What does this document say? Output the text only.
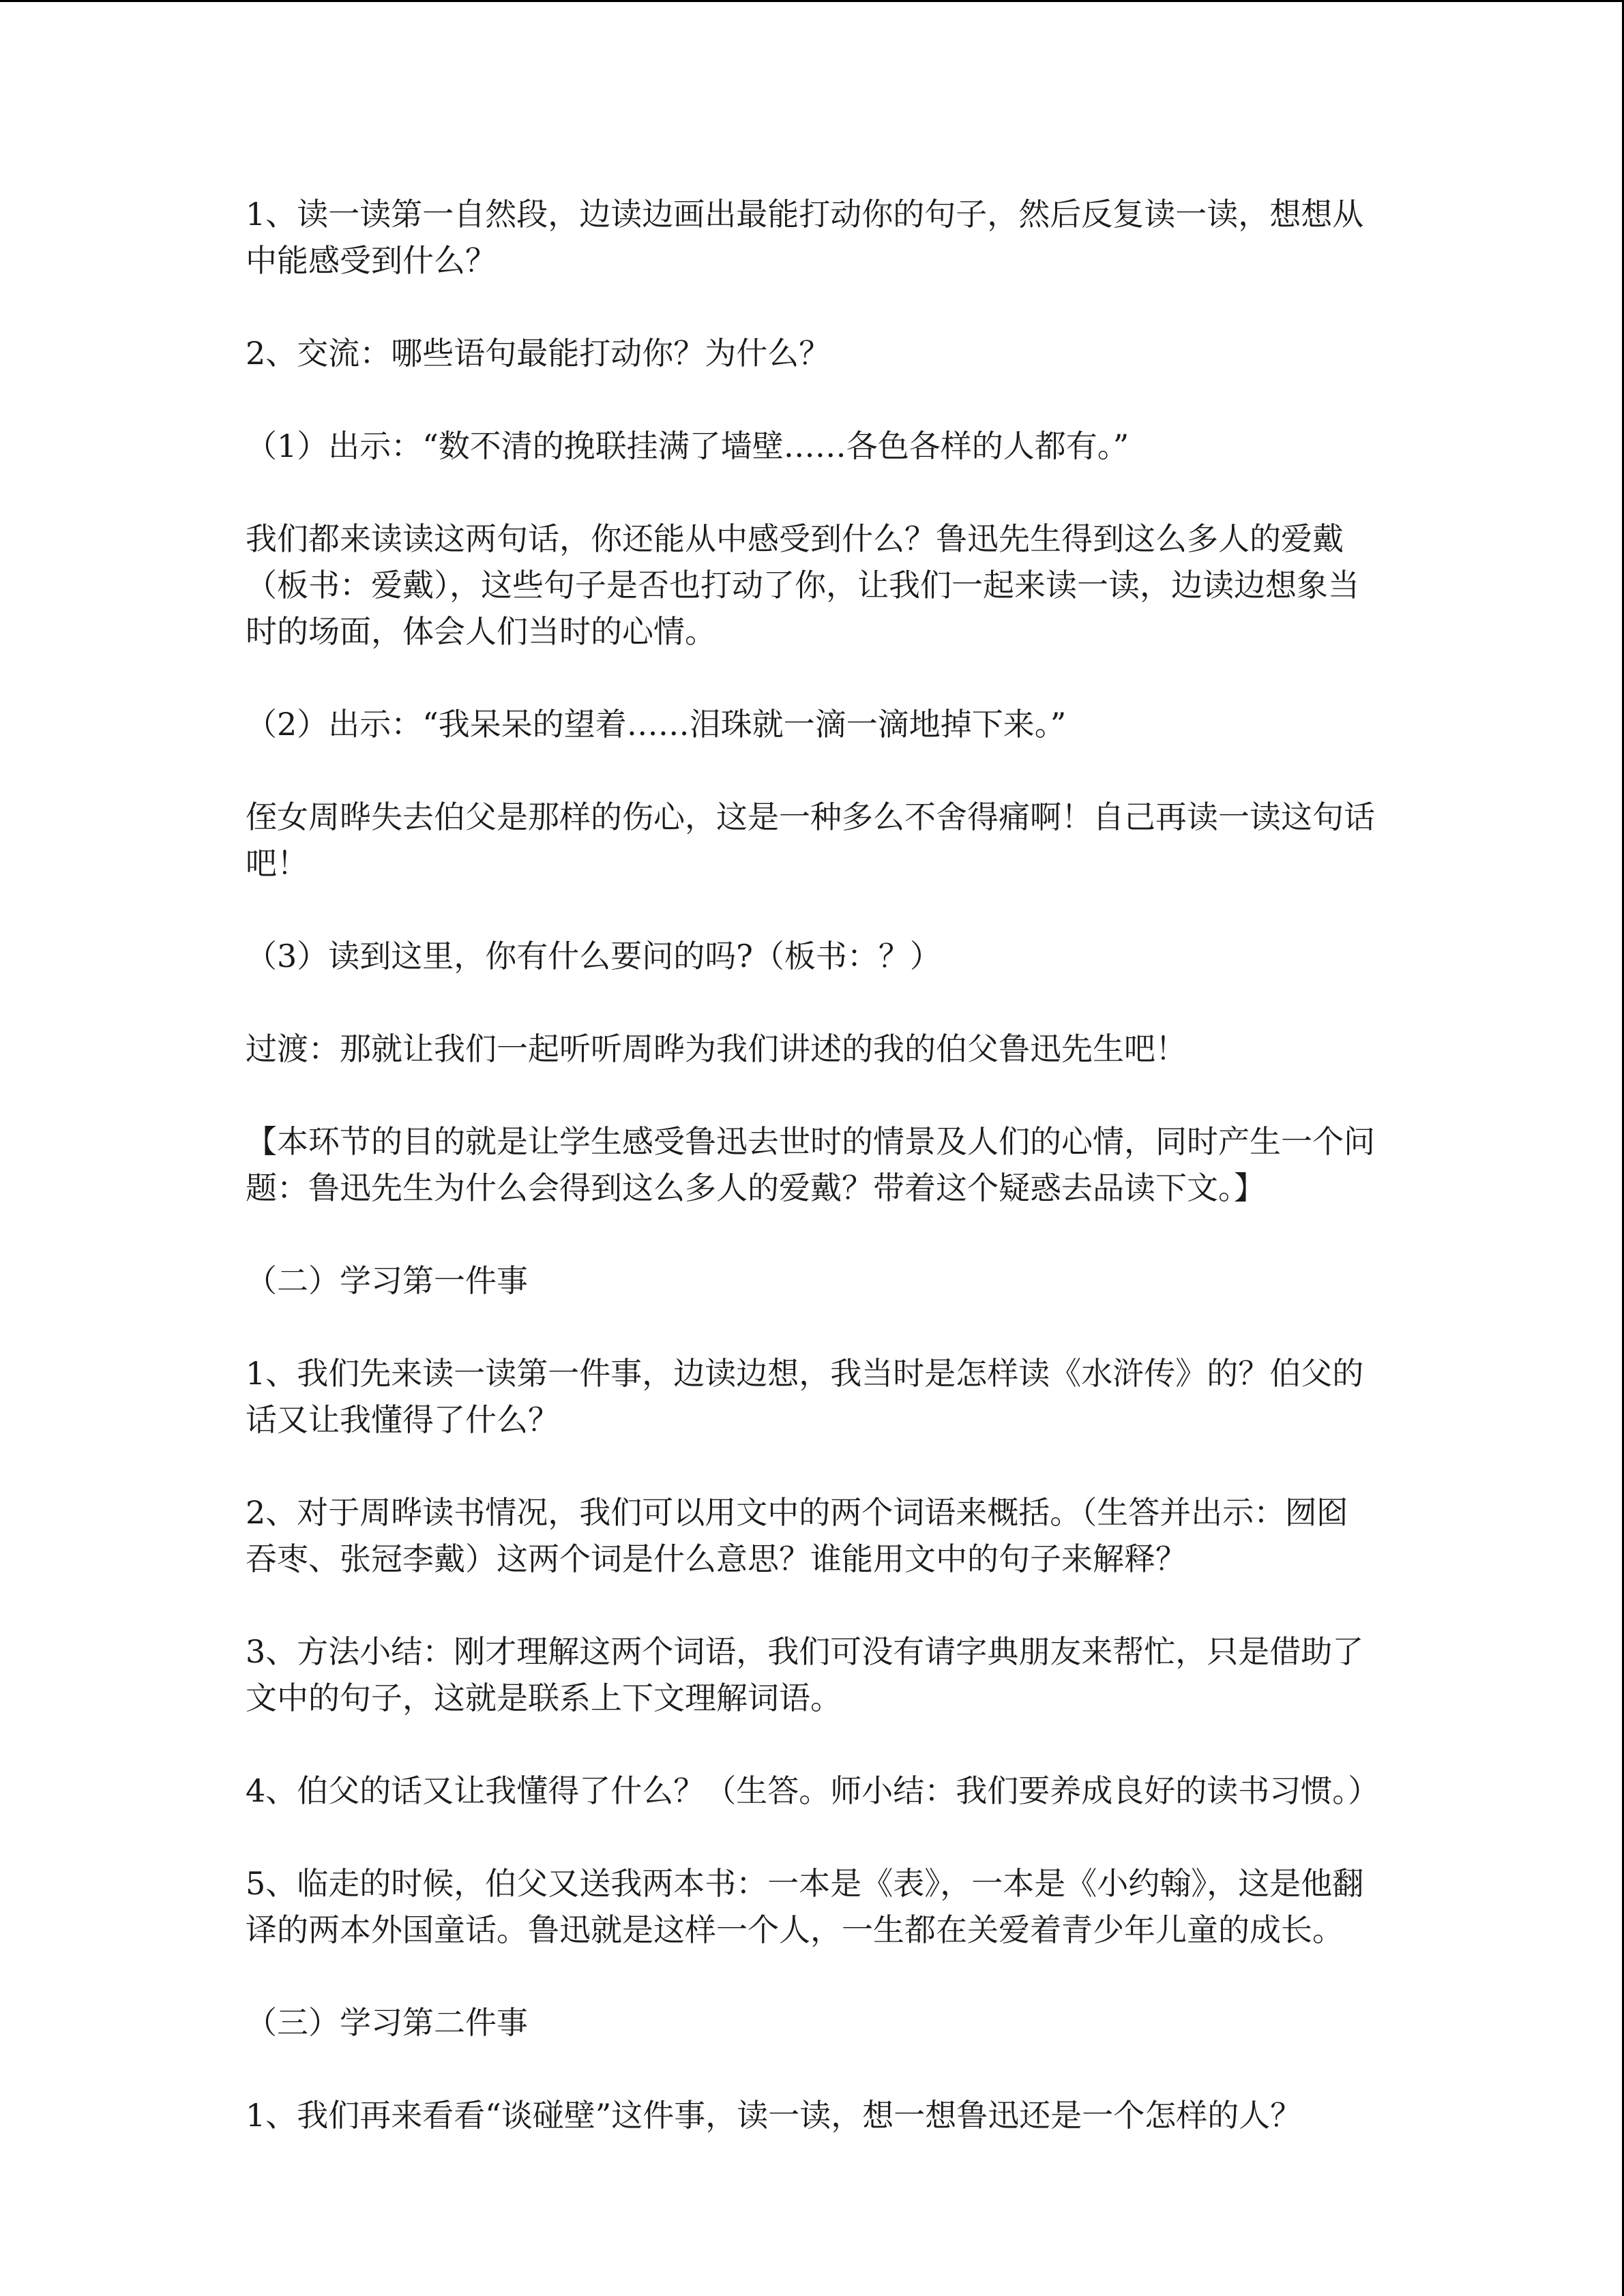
1、读一读第一自然段，边读边画出最能打动你的句子，然后反复读一读，想想从中能感受到什么？

2、交流：哪些语句最能打动你？为什么？

（1）出示：“数不清的挽联挂满了墙壁……各色各样的人都有。”

我们都来读读这两句话，你还能从中感受到什么？鲁迅先生得到这么多人的爱戴（板书：爱戴），这些句子是否也打动了你，让我们一起来读一读，边读边想象当时的场面，体会人们当时的心情。

（2）出示：“我呆呆的望着……泪珠就一滴一滴地掉下来。”

侄女周晔失去伯父是那样的伤心，这是一种多么不舍得痛啊！自己再读一读这句话吧！

（3）读到这里，你有什么要问的吗?（板书：？）

过渡：那就让我们一起听听周晔为我们讲述的我的伯父鲁迅先生吧！

【本环节的目的就是让学生感受鲁迅去世时的情景及人们的心情，同时产生一个问题：鲁迅先生为什么会得到这么多人的爱戴？带着这个疑惑去品读下文。】

（二）学习第一件事

1、我们先来读一读第一件事，边读边想，我当时是怎样读《水浒传》的？伯父的话又让我懂得了什么？

2、对于周晔读书情况，我们可以用文中的两个词语来概括。（生答并出示：囫囵吞枣、张冠李戴）这两个词是什么意思？谁能用文中的句子来解释？

3、方法小结：刚才理解这两个词语，我们可没有请字典朋友来帮忙，只是借助了文中的句子，这就是联系上下文理解词语。

4、伯父的话又让我懂得了什么？（生答。师小结：我们要养成良好的读书习惯。）

5、临走的时候，伯父又送我两本书：一本是《表》，一本是《小约翰》，这是他翻译的两本外国童话。鲁迅就是这样一个人，一生都在关爱着青少年儿童的成长。

（三）学习第二件事

1、我们再来看看“谈碰壁”这件事，读一读，想一想鲁迅还是一个怎样的人？
